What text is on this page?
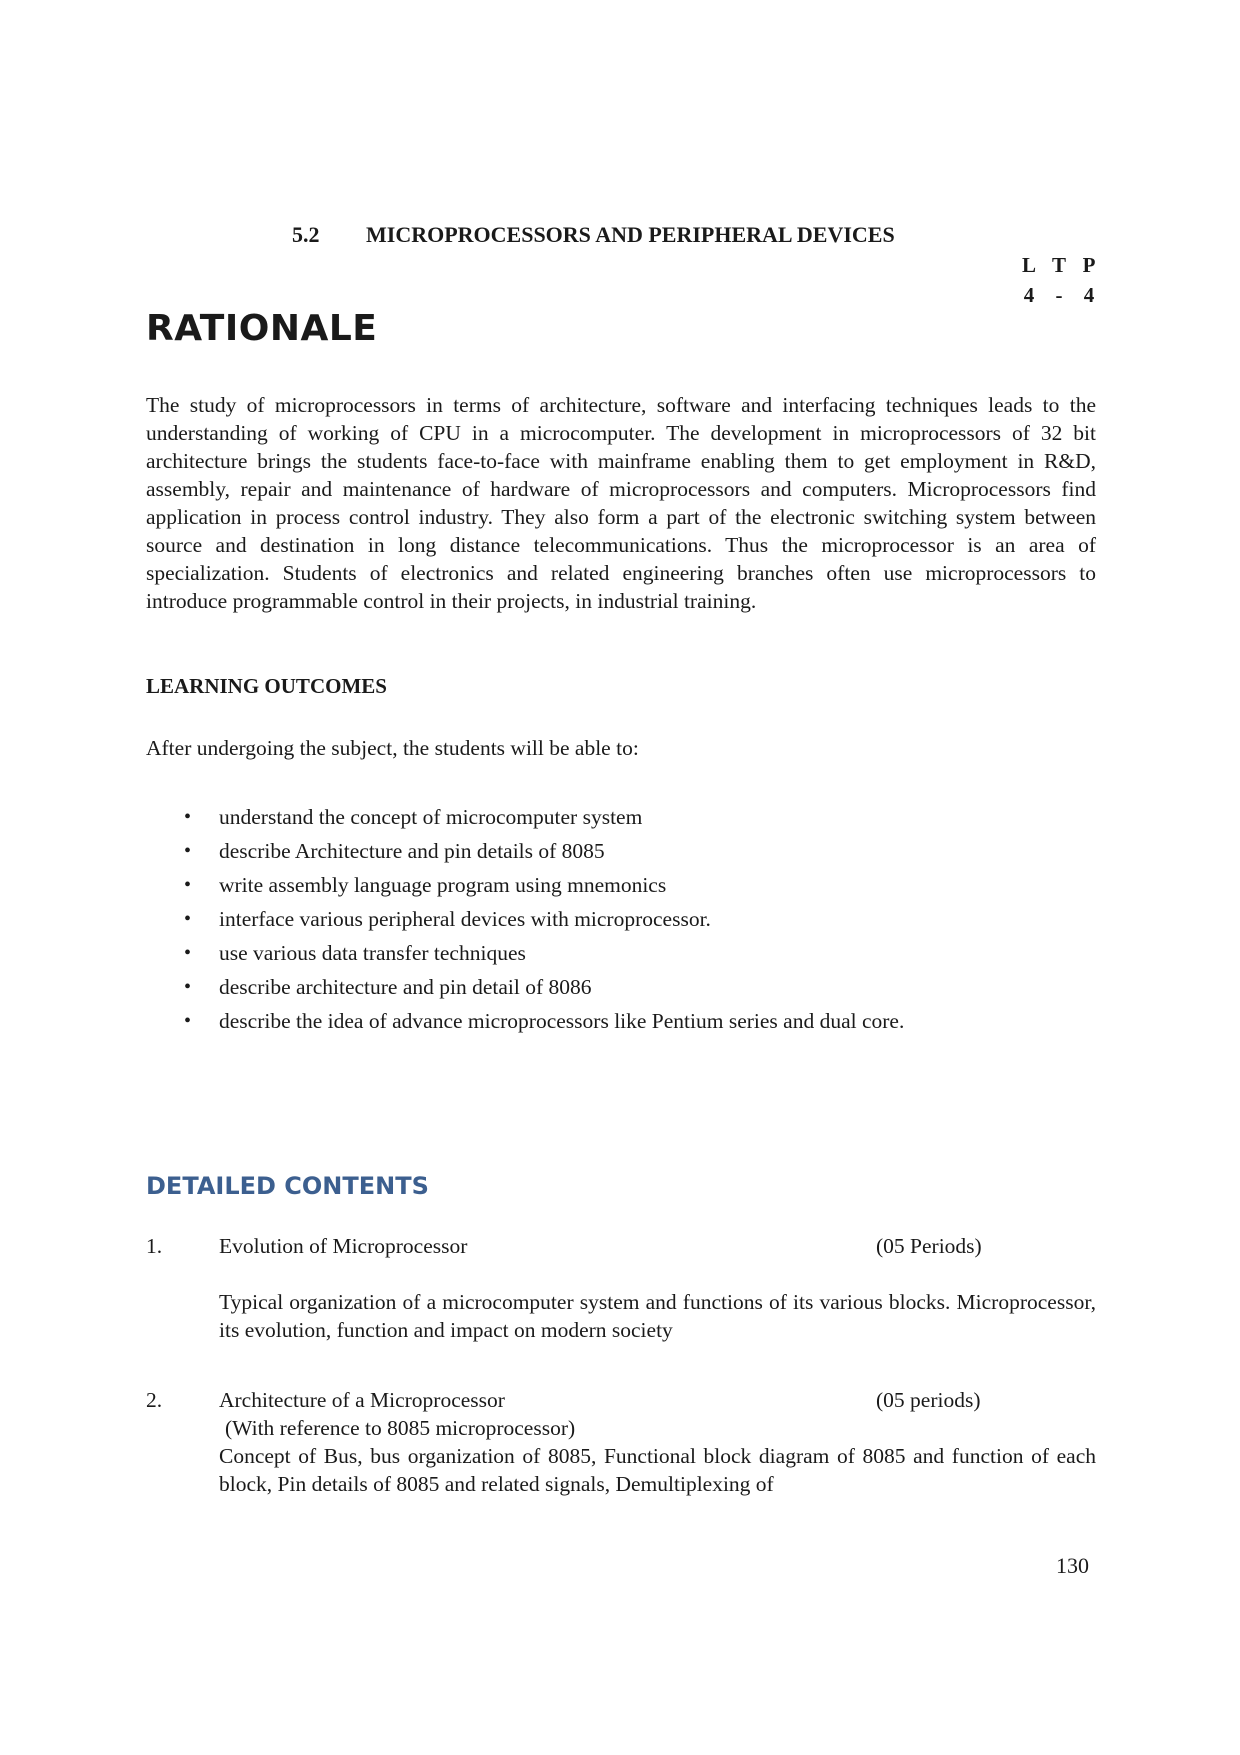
5.2 MICROPROCESSORS AND PERIPHERAL DEVICES
L T P
4	-	4
RATIONALE
The study of microprocessors in terms of architecture, software and interfacing techniques leads to the understanding of working of CPU in a microcomputer. The development in microprocessors of 32 bit architecture brings the students face-to-face with mainframe enabling them to get employment in R&D, assembly, repair and maintenance of hardware of microprocessors and computers. Microprocessors find application in process control industry. They also form a part of the electronic switching system between source and destination in long distance telecommunications. Thus the microprocessor is an area of specialization. Students of electronics and related engineering branches often use microprocessors to introduce programmable control in their projects, in industrial training.
LEARNING OUTCOMES
After undergoing the subject, the students will be able to:
• understand the concept of microcomputer system
• describe Architecture and pin details of 8085
• write assembly language program using mnemonics
• interface various peripheral devices with microprocessor.
• use various data transfer techniques
• describe architecture and pin detail of 8086
• describe the idea of advance microprocessors like Pentium series and dual core.
DETAILED CONTENTS
1.	Evolution of Microprocessor	(05 Periods)
Typical organization of a microcomputer system and functions of its various blocks. Microprocessor, its evolution, function and impact on modern society
2.	Architecture of a Microprocessor	(05 periods)
(With reference to 8085 microprocessor)
Concept of Bus, bus organization of 8085, Functional block diagram of 8085 and function of each block, Pin details of 8085 and related signals, Demultiplexing of
130
